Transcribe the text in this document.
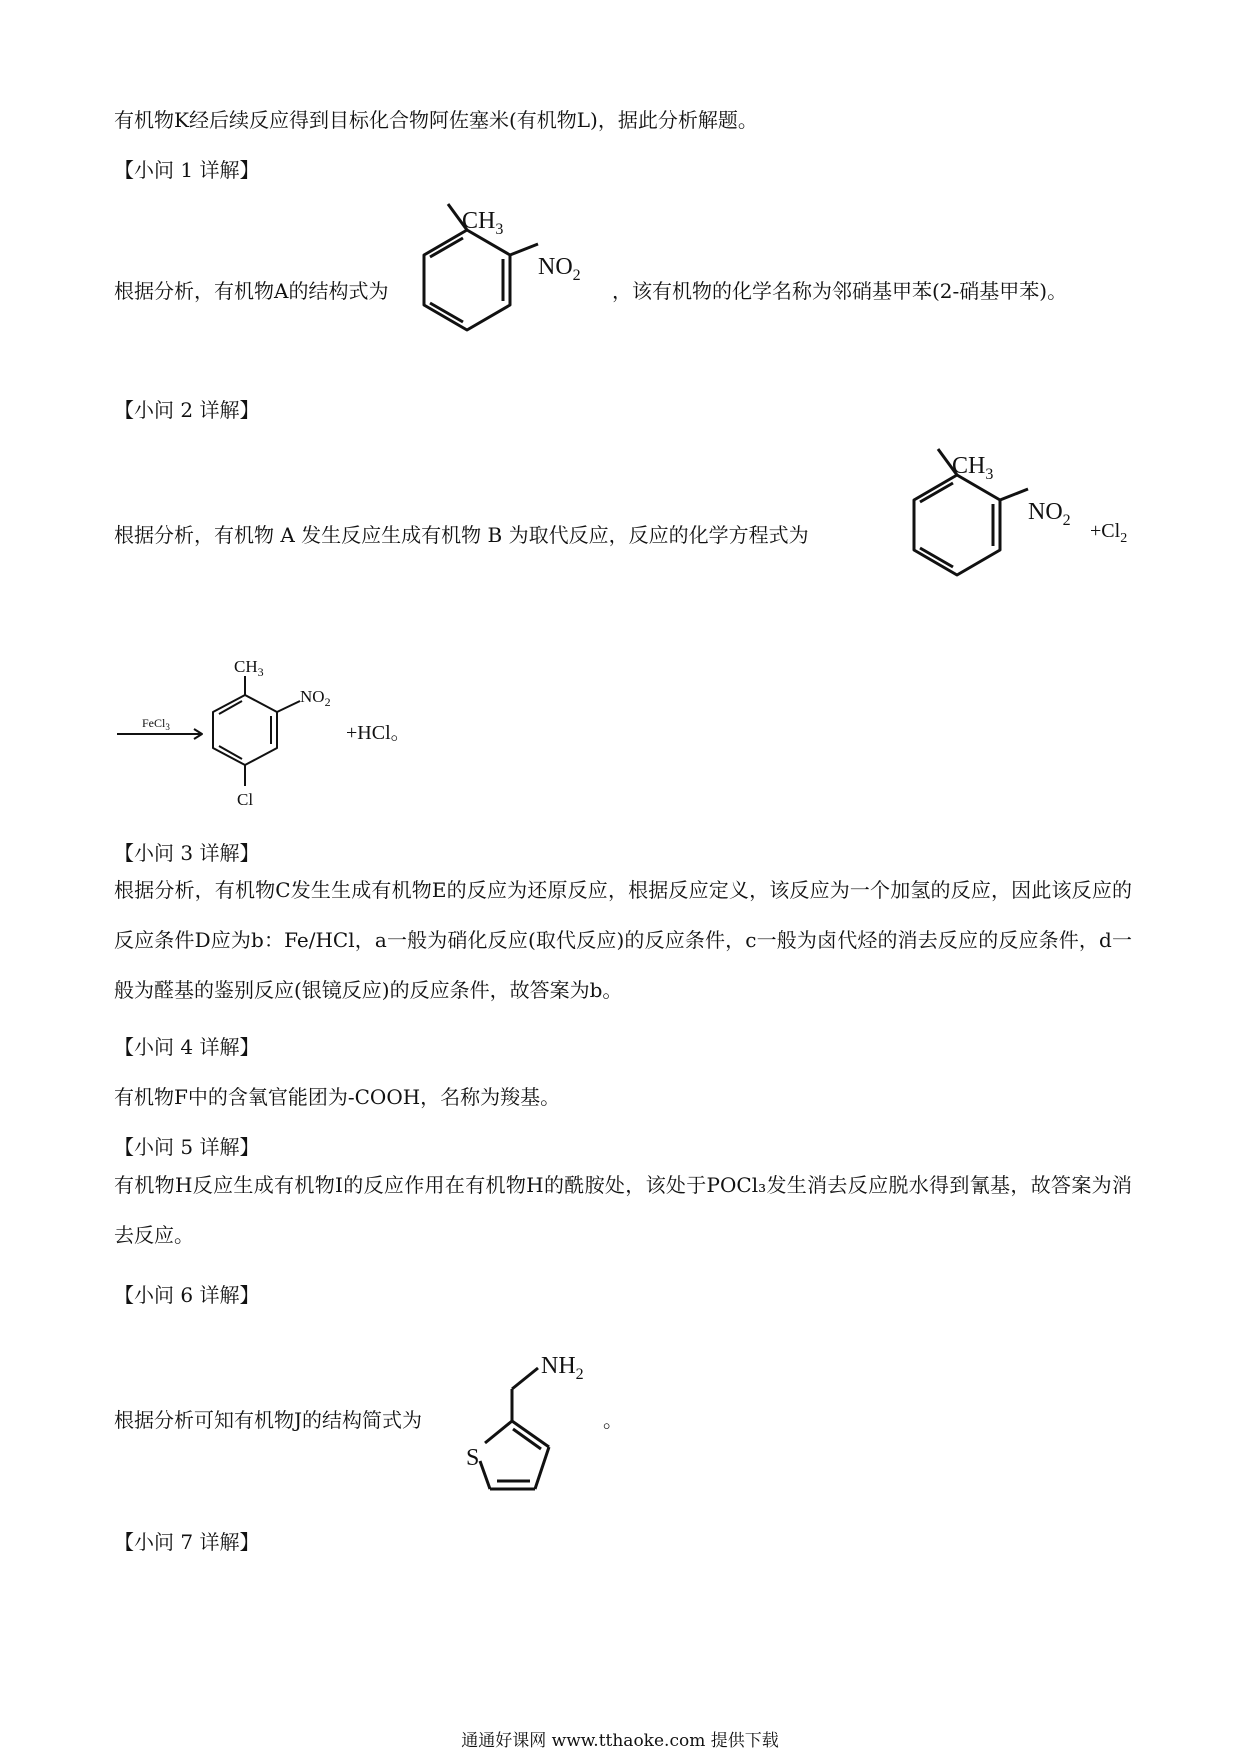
有机物K经后续反应得到目标化合物阿佐塞米(有机物L)，据此分析解题。
【小问 1 详解】
根据分析，有机物A的结构式为	，该有机物的化学名称为邻硝基甲苯(2-硝基甲苯)。
$CH_3$
$NO_2$
【小问 2 详解】
根据分析，有机物 A 发生反应生成有机物 B 为取代反应，反应的化学方程式为
$CH_3$
$NO_2 +Cl_2$
FeCl$_3$
$CH_3$
$NO_2$
Cl
+HCl。
【小问 3 详解】
根据分析，有机物C发生生成有机物E的反应为还原反应，根据反应定义，该反应为一个加氢的反应，因此该反应的反应条件D应为b：Fe/HCl，a一般为硝化反应(取代反应)的反应条件，c一般为卤代烃的消去反应的反应条件，d一般为醛基的鉴别反应(银镜反应)的反应条件，故答案为b。
【小问 4 详解】
有机物F中的含氧官能团为-COOH，名称为羧基。
【小问 5 详解】
有机物H反应生成有机物I的反应作用在有机物H的酰胺处，该处于POCl₃发生消去反应脱水得到氰基，故答案为消去反应。
【小问 6 详解】
根据分析可知有机物J的结构简式为	。
S
$NH_2$
【小问 7 详解】
通通好课网 www.tthaoke.com 提供下载
